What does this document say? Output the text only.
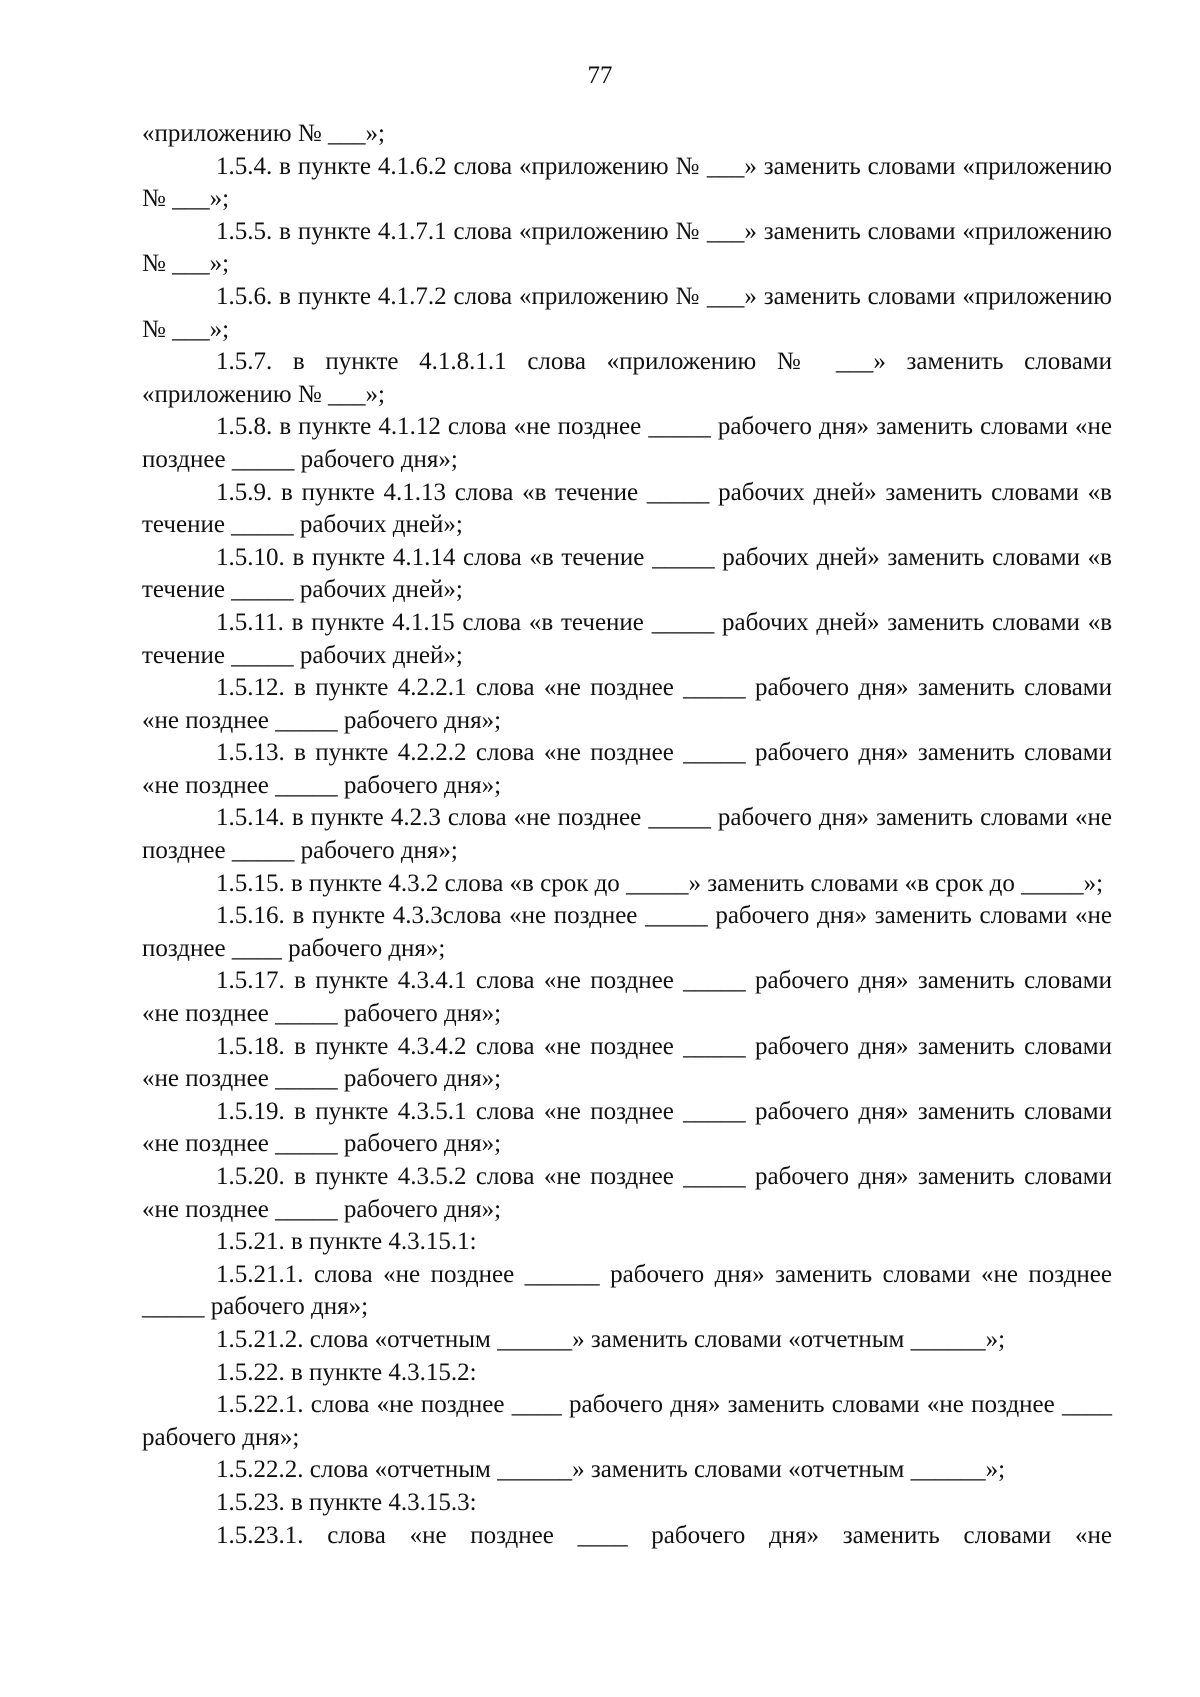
77

«приложению № ___»;

1.5.4. в пункте 4.1.6.2 слова «приложению № ___» заменить словами «приложению № ___»;

1.5.5. в пункте 4.1.7.1 слова «приложению № ___» заменить словами «приложению № ___»;

1.5.6. в пункте 4.1.7.2 слова «приложению № ___» заменить словами «приложению № ___»;

1.5.7. в пункте 4.1.8.1.1 слова «приложению № ___» заменить словами «приложению № ___»;

1.5.8. в пункте 4.1.12 слова «не позднее _____ рабочего дня» заменить словами «не позднее _____ рабочего дня»;

1.5.9. в пункте 4.1.13 слова «в течение _____ рабочих дней» заменить словами «в течение _____ рабочих дней»;

1.5.10. в пункте 4.1.14 слова «в течение _____ рабочих дней» заменить словами «в течение _____ рабочих дней»;

1.5.11. в пункте 4.1.15 слова «в течение _____ рабочих дней» заменить словами «в течение _____ рабочих дней»;

1.5.12. в пункте 4.2.2.1 слова «не позднее _____ рабочего дня» заменить словами «не позднее _____ рабочего дня»;

1.5.13. в пункте 4.2.2.2 слова «не позднее _____ рабочего дня» заменить словами «не позднее _____ рабочего дня»;

1.5.14. в пункте 4.2.3 слова «не позднее _____ рабочего дня» заменить словами «не позднее _____ рабочего дня»;

1.5.15. в пункте 4.3.2 слова «в срок до _____» заменить словами «в срок до _____»;

1.5.16. в пункте 4.3.3слова «не позднее _____ рабочего дня» заменить словами «не позднее ____ рабочего дня»;

1.5.17. в пункте 4.3.4.1 слова «не позднее _____ рабочего дня» заменить словами «не позднее _____ рабочего дня»;

1.5.18. в пункте 4.3.4.2 слова «не позднее _____ рабочего дня» заменить словами «не позднее _____ рабочего дня»;

1.5.19. в пункте 4.3.5.1 слова «не позднее _____ рабочего дня» заменить словами «не позднее _____ рабочего дня»;

1.5.20. в пункте 4.3.5.2 слова «не позднее _____ рабочего дня» заменить словами «не позднее _____ рабочего дня»;

1.5.21. в пункте 4.3.15.1:

1.5.21.1. слова «не позднее ______ рабочего дня» заменить словами «не позднее _____ рабочего дня»;

1.5.21.2. слова «отчетным ______» заменить словами «отчетным ______»;

1.5.22. в пункте 4.3.15.2:

1.5.22.1. слова «не позднее ____ рабочего дня» заменить словами «не позднее ____ рабочего дня»;

1.5.22.2. слова «отчетным ______» заменить словами «отчетным ______»;

1.5.23. в пункте 4.3.15.3:

1.5.23.1. слова «не позднее ____ рабочего дня» заменить словами «не
